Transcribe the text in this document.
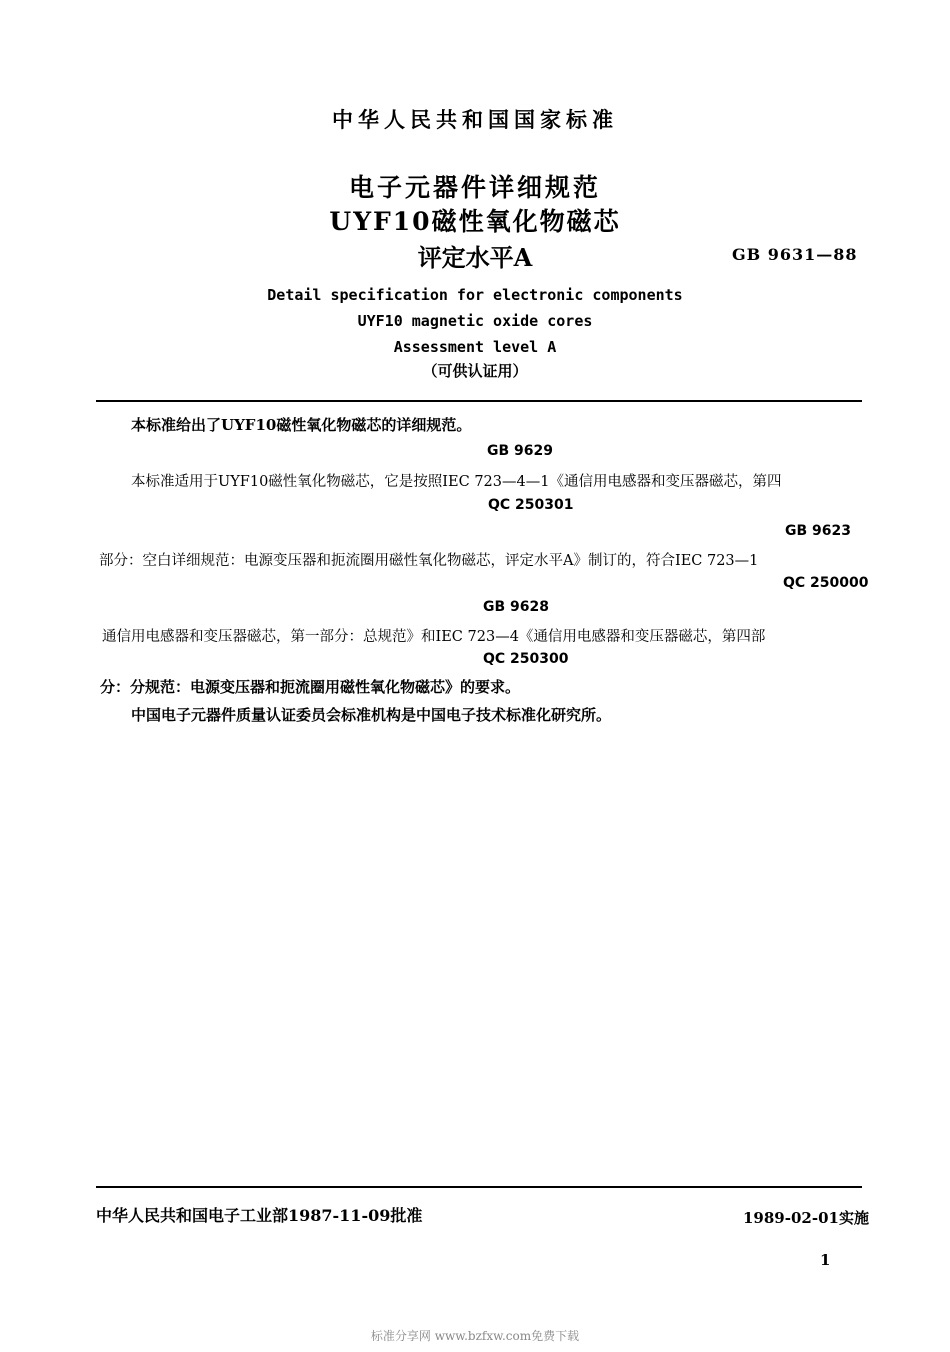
中华人民共和国国家标准
电子元器件详细规范
UYF10磁性氧化物磁芯
评定水平A	GB 9631—88
Detail specification for electronic components
UYF10 magnetic oxide cores
Assessment level A
（可供认证用）
本标准给出了UYF10磁性氧化物磁芯的详细规范。
GB 9629
本标准适用于UYF10磁性氧化物磁芯，它是按照IEC 723—4—1《通信用电感器和变压器磁芯，第四
QC 250301
GB 9623
部分：空白详细规范：电源变压器和扼流圈用磁性氧化物磁芯，评定水平A》制订的，符合IEC 723—1
QC 250000
GB 9628
通信用电感器和变压器磁芯，第一部分：总规范》和IEC 723—4《通信用电感器和变压器磁芯，第四部
QC 250300
分：分规范：电源变压器和扼流圈用磁性氧化物磁芯》的要求。
中国电子元器件质量认证委员会标准机构是中国电子技术标准化研究所。
中华人民共和国电子工业部1987-11-09批准	1989-02-01实施
1
标准分享网 www.bzfxw.com免费下载
